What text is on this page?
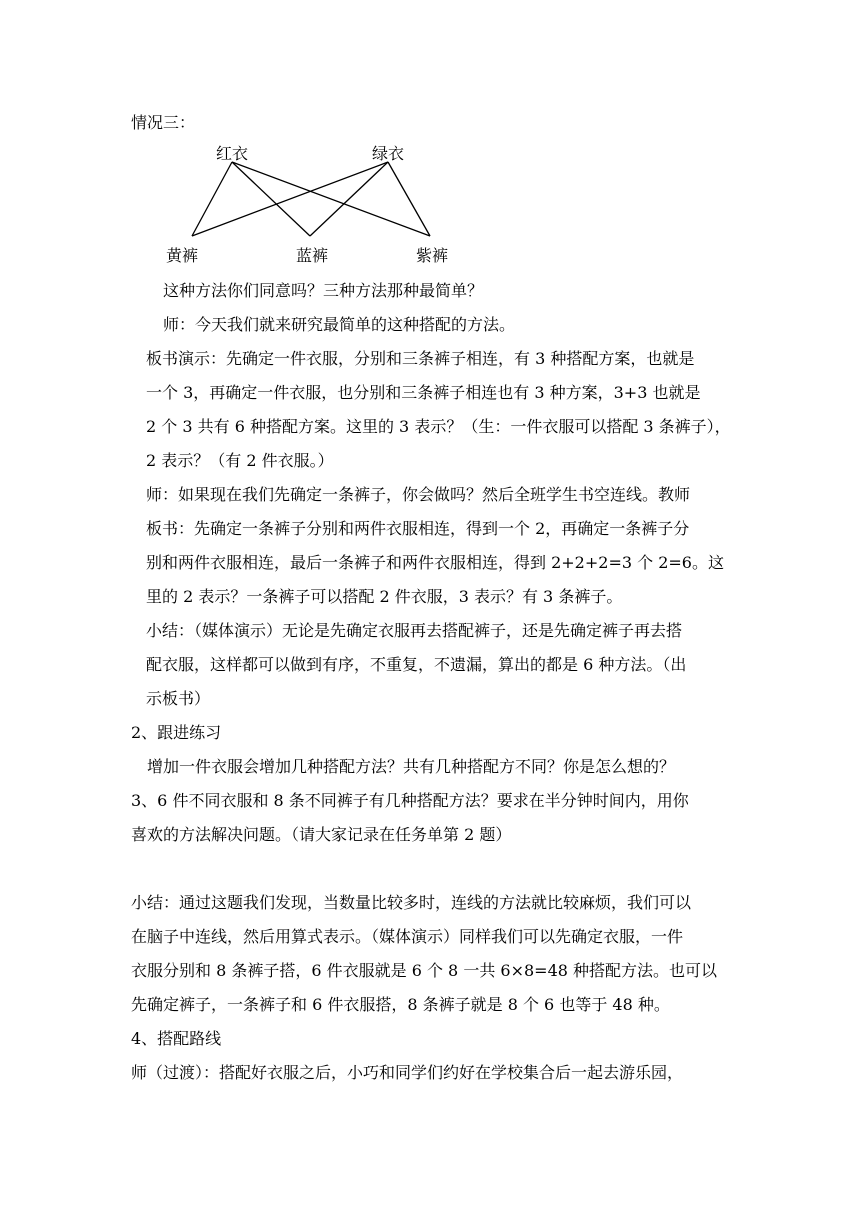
情况三：
红衣	绿衣
黄裤	蓝裤	紫裤
这种方法你们同意吗？三种方法那种最简单？
师：今天我们就来研究最简单的这种搭配的方法。
板书演示：先确定一件衣服，分别和三条裤子相连，有 3 种搭配方案，也就是
一个 3，再确定一件衣服，也分别和三条裤子相连也有 3 种方案，3+3 也就是
2 个 3 共有 6 种搭配方案。这里的 3 表示？（生：一件衣服可以搭配 3 条裤子），
2 表示？（有 2 件衣服。）
师：如果现在我们先确定一条裤子，你会做吗？然后全班学生书空连线。教师
板书：先确定一条裤子分别和两件衣服相连，得到一个 2，再确定一条裤子分
别和两件衣服相连，最后一条裤子和两件衣服相连，得到 2+2+2=3 个 2=6。这
里的 2 表示？一条裤子可以搭配 2 件衣服，3 表示？有 3 条裤子。
小结：（媒体演示）无论是先确定衣服再去搭配裤子，还是先确定裤子再去搭
配衣服，这样都可以做到有序，不重复，不遗漏，算出的都是 6 种方法。（出
示板书）
2、跟进练习
增加一件衣服会增加几种搭配方法？共有几种搭配方不同？你是怎么想的？
3、6 件不同衣服和 8 条不同裤子有几种搭配方法？要求在半分钟时间内，用你
喜欢的方法解决问题。（请大家记录在任务单第 2 题）
小结：通过这题我们发现，当数量比较多时，连线的方法就比较麻烦，我们可以
在脑子中连线，然后用算式表示。（媒体演示）同样我们可以先确定衣服，一件
衣服分别和 8 条裤子搭，6 件衣服就是 6 个 8 一共 6×8=48 种搭配方法。也可以
先确定裤子，一条裤子和 6 件衣服搭，8 条裤子就是 8 个 6 也等于 48 种。
4、搭配路线
师（过渡）：搭配好衣服之后，小巧和同学们约好在学校集合后一起去游乐园，
